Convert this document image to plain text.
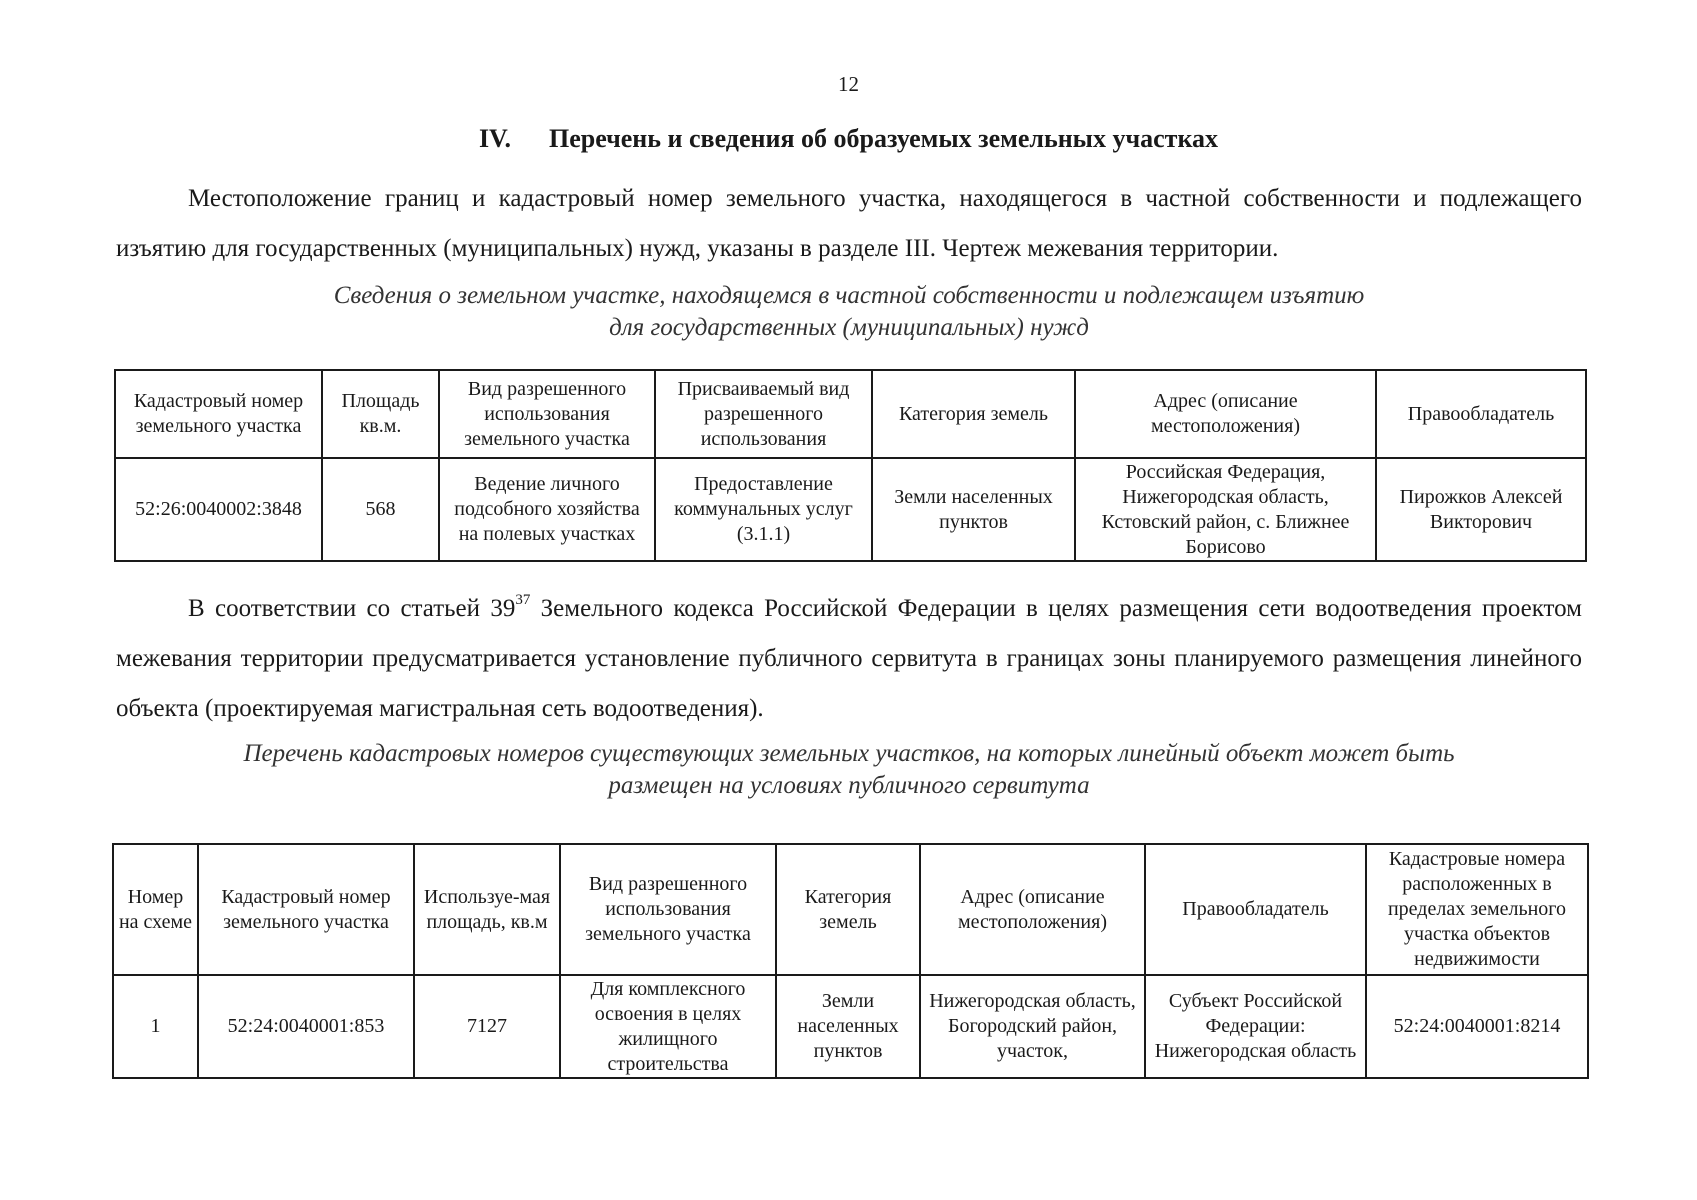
12
IV. Перечень и сведения об образуемых земельных участках
Местоположение границ и кадастровый номер земельного участка, находящегося в частной собственности и подлежащего изъятию для государственных (муниципальных) нужд, указаны в разделе III. Чертеж межевания территории.
Сведения о земельном участке, находящемся в частной собственности и подлежащем изъятию
для государственных (муниципальных) нужд
Кадастровый номер земельного участка	Площадь кв.м.	Вид разрешенного использования земельного участка	Присваиваемый вид разрешенного использования	Категория земель	Адрес (описание местоположения)	Правообладатель
52:26:0040002:3848	568	Ведение личного подсобного хозяйства на полевых участках	Предоставление коммунальных услуг (3.1.1)	Земли населенных пунктов	Российская Федерация, Нижегородская область, Кстовский район, с. Ближнее Борисово	Пирожков Алексей Викторович
В соответствии со статьей $39^{37}$ Земельного кодекса Российской Федерации в целях размещения сети водоотведения проектом межевания территории предусматривается установление публичного сервитута в границах зоны планируемого размещения линейного объекта (проектируемая магистральная сеть водоотведения).
Перечень кадастровых номеров существующих земельных участков, на которых линейный объект может быть
размещен на условиях публичного сервитута
Номер на схеме	Кадастровый номер земельного участка	Используе-мая площадь, кв.м	Вид разрешенного использования земельного участка	Категория земель	Адрес (описание местоположения)	Правообладатель	Кадастровые номера расположенных в пределах земельного участка объектов недвижимости
1	52:24:0040001:853	7127	Для комплексного освоения в целях жилищного строительства	Земли населенных пунктов	Нижегородская область, Богородский район, участок,	Субъект Российской Федерации: Нижегородская область	52:24:0040001:8214
